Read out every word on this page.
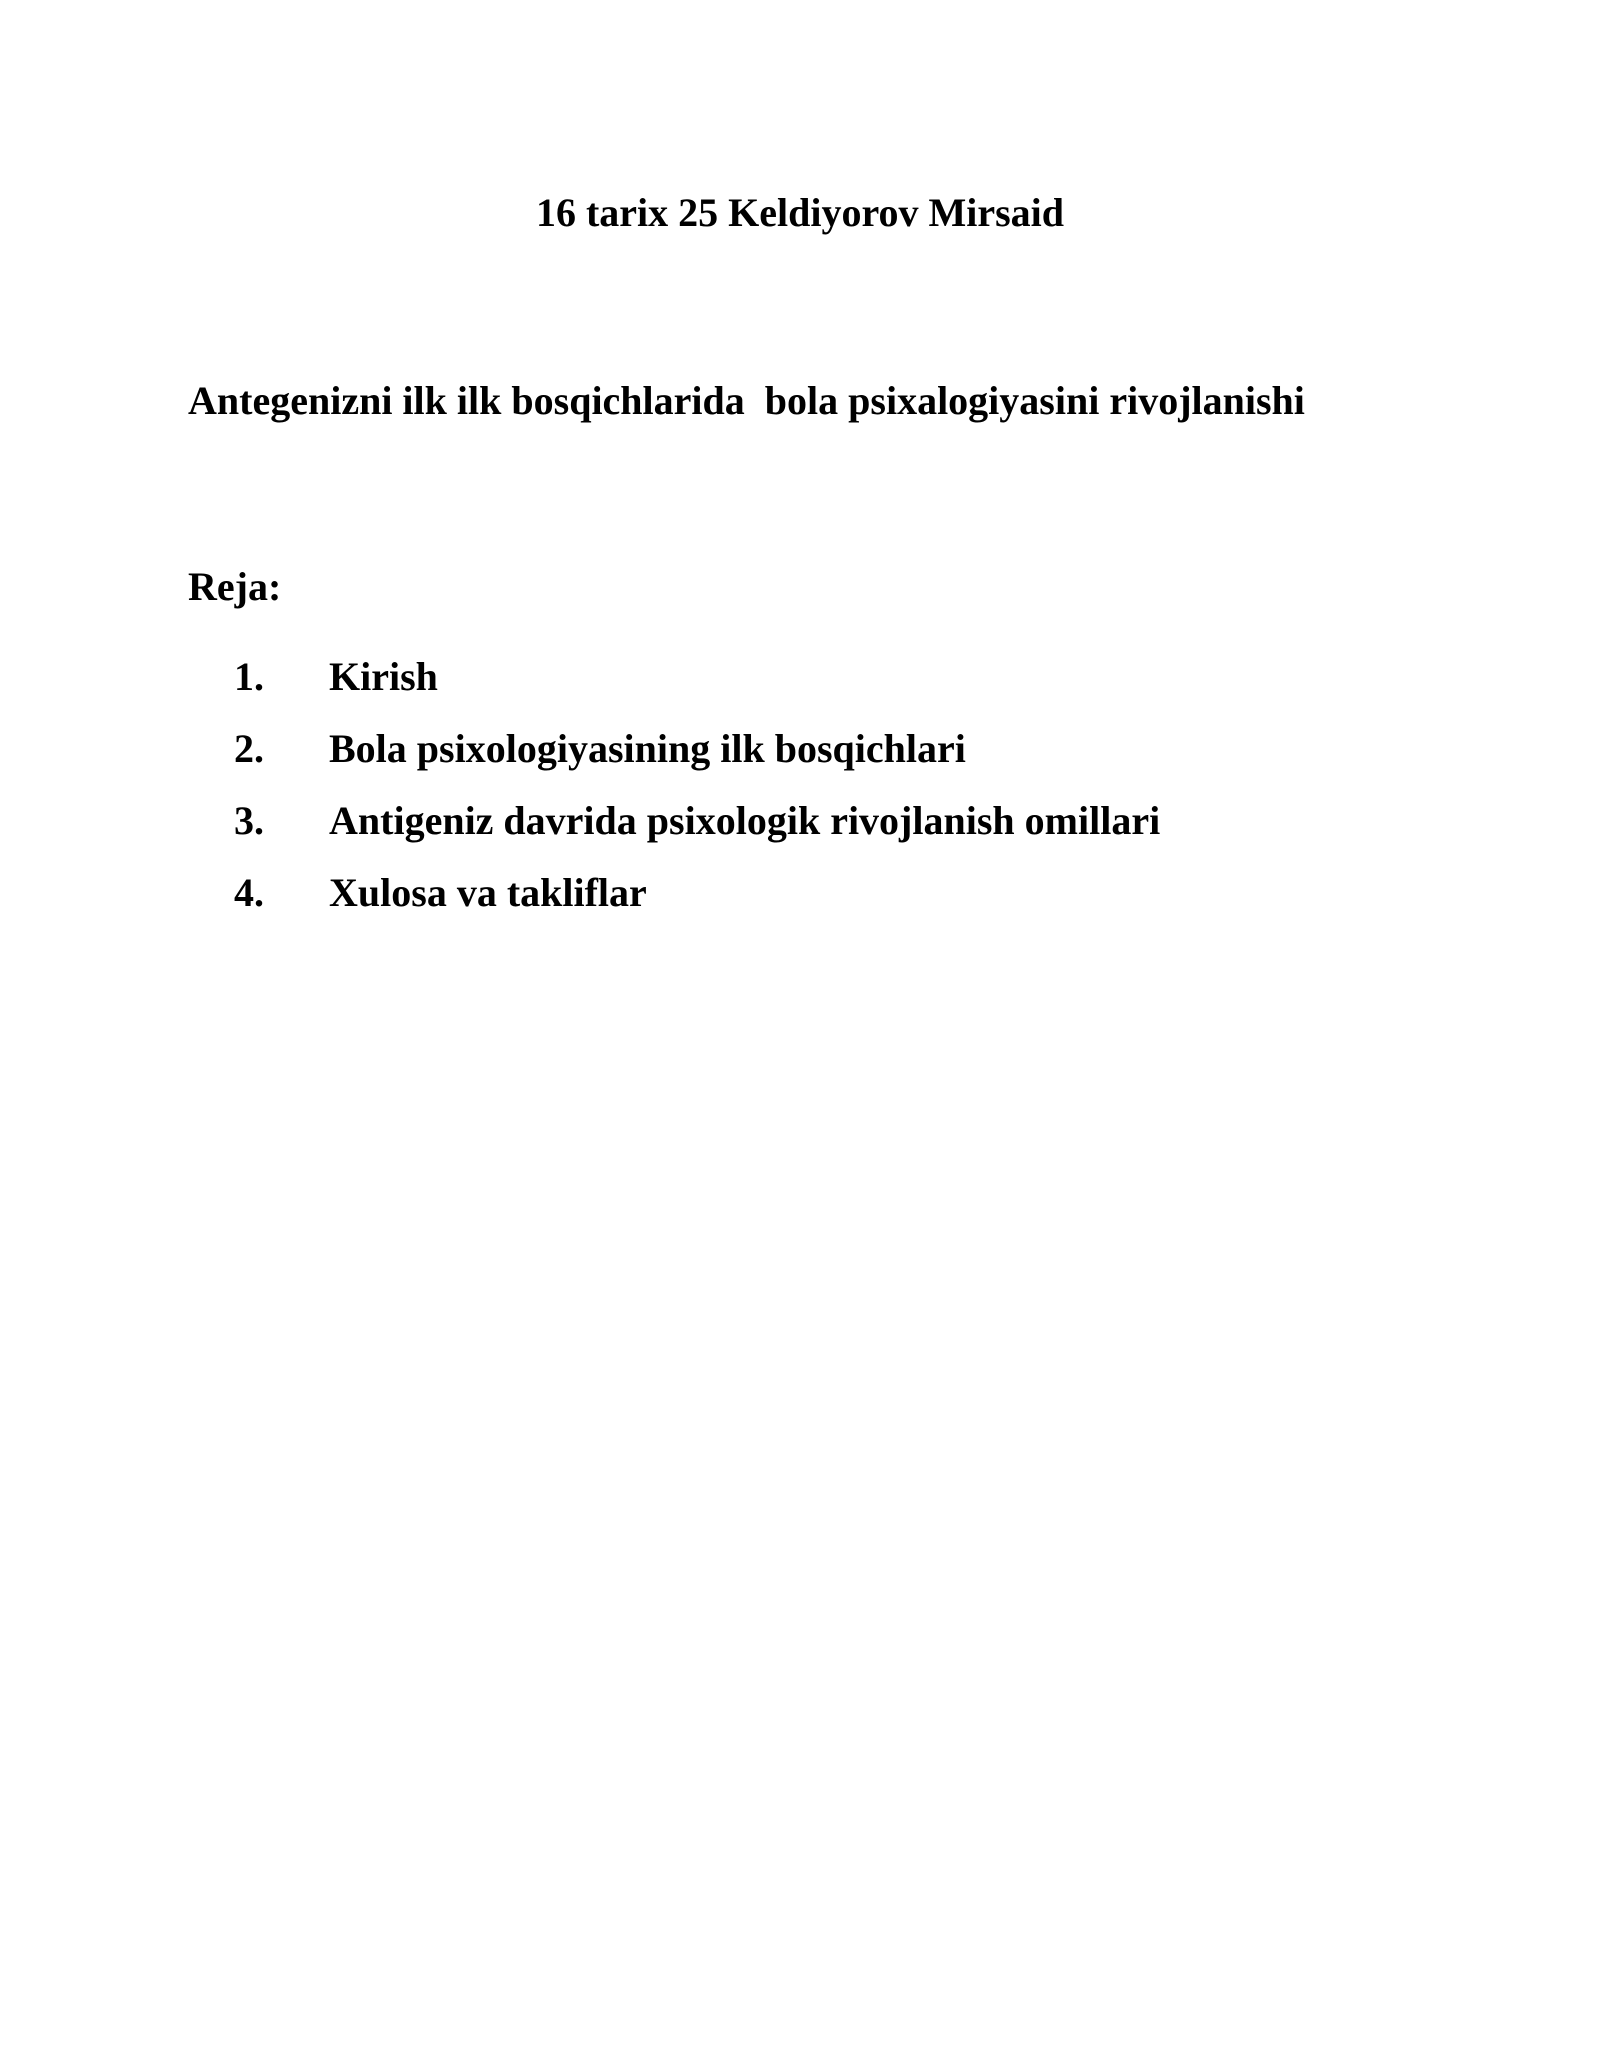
16 tarix 25 Keldiyorov Mirsaid
Antegenizni ilk ilk bosqichlarida  bola psixalogiyasini rivojlanishi
Reja:
1. Kirish
2. Bola psixologiyasining ilk bosqichlari
3. Antigeniz davrida psixologik rivojlanish omillari
4. Xulosa va takliflar
